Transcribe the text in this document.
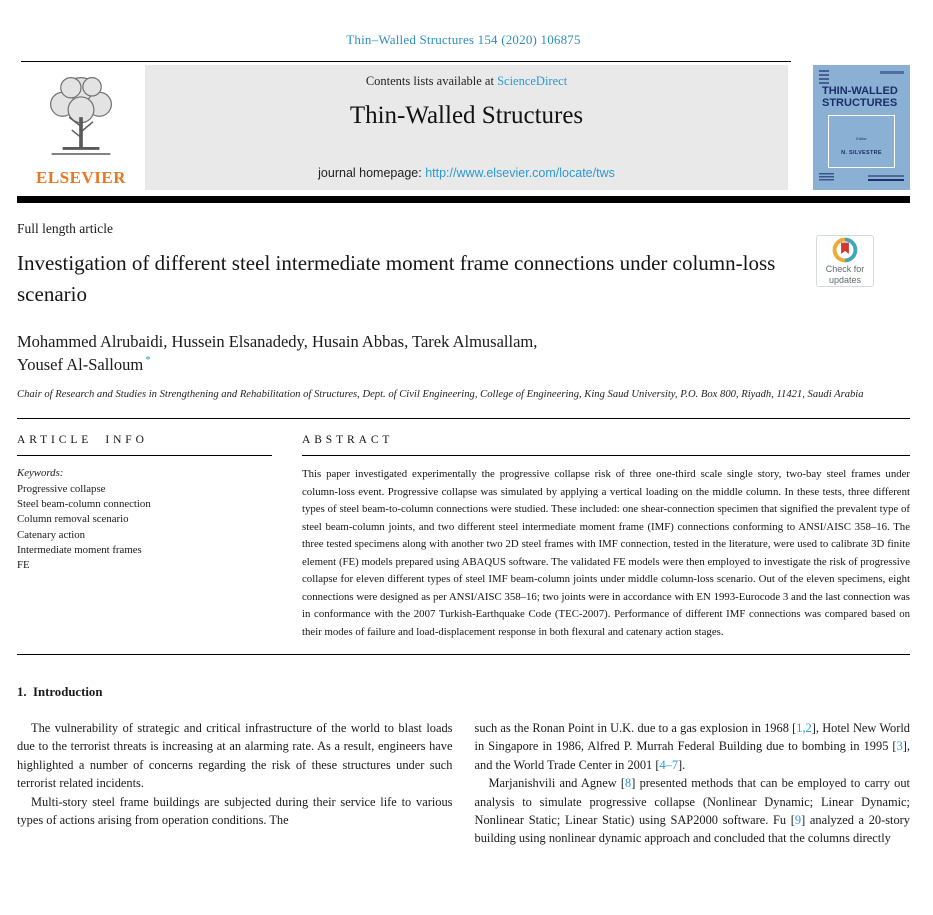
Thin–Walled Structures 154 (2020) 106875
ELSEVIER
Contents lists available at ScienceDirect
Thin-Walled Structures
journal homepage: http://www.elsevier.com/locate/tws
THIN-WALLED
STRUCTURES
Editor
N. SILVESTRE
Check for
updates
Full length article
Investigation of different steel intermediate moment frame connections under column-loss scenario
Mohammed Alrubaidi, Hussein Elsanadedy, Husain Abbas, Tarek Almusallam,
Yousef Al-Salloum *
Chair of Research and Studies in Strengthening and Rehabilitation of Structures, Dept. of Civil Engineering, College of Engineering, King Saud University, P.O. Box 800, Riyadh, 11421, Saudi Arabia
ARTICLE INFO
Keywords:
Progressive collapse
Steel beam-column connection
Column removal scenario
Catenary action
Intermediate moment frames
FE
ABSTRACT
This paper investigated experimentally the progressive collapse risk of three one-third scale single story, two-bay steel frames under column-loss event. Progressive collapse was simulated by applying a vertical loading on the middle column. In these tests, three different types of steel beam-to-column connections were studied. These included: one shear-connection specimen that signified the prevalent type of steel beam-column joints, and two different steel intermediate moment frame (IMF) connections conforming to ANSI/AISC 358–16. The three tested specimens along with another two 2D steel frames with IMF connection, tested in the literature, were used to calibrate 3D finite element (FE) models prepared using ABAQUS software. The validated FE models were then employed to investigate the risk of progressive collapse for eleven different types of steel IMF beam-column joints under middle column-loss scenario. Out of the eleven specimens, eight connections were designed as per ANSI/AISC 358–16; two joints were in accordance with EN 1993-Eurocode 3 and the last connection was in conformance with the 2007 Turkish-Earthquake Code (TEC-2007). Performance of different IMF connections was compared based on their modes of failure and load-displacement response in both flexural and catenary action stages.
1.  Introduction

The vulnerability of strategic and critical infrastructure of the world to blast loads due to the terrorist threats is increasing at an alarming rate. As a result, engineers have highlighted a number of concerns regarding the risk of these structures under such terrorist related incidents.

Multi-story steel frame buildings are subjected during their service life to various types of actions arising from operation conditions. The

such as the Ronan Point in U.K. due to a gas explosion in 1968 [1,2], Hotel New World in Singapore in 1986, Alfred P. Murrah Federal Building due to bombing in 1995 [3], and the World Trade Center in 2001 [4–7].

Marjanishvili and Agnew [8] presented methods that can be employed to carry out analysis to simulate progressive collapse (Nonlinear Dynamic; Linear Dynamic; Nonlinear Static; Linear Static) using SAP2000 software. Fu [9] analyzed a 20-story building using nonlinear dynamic approach and concluded that the columns directly
